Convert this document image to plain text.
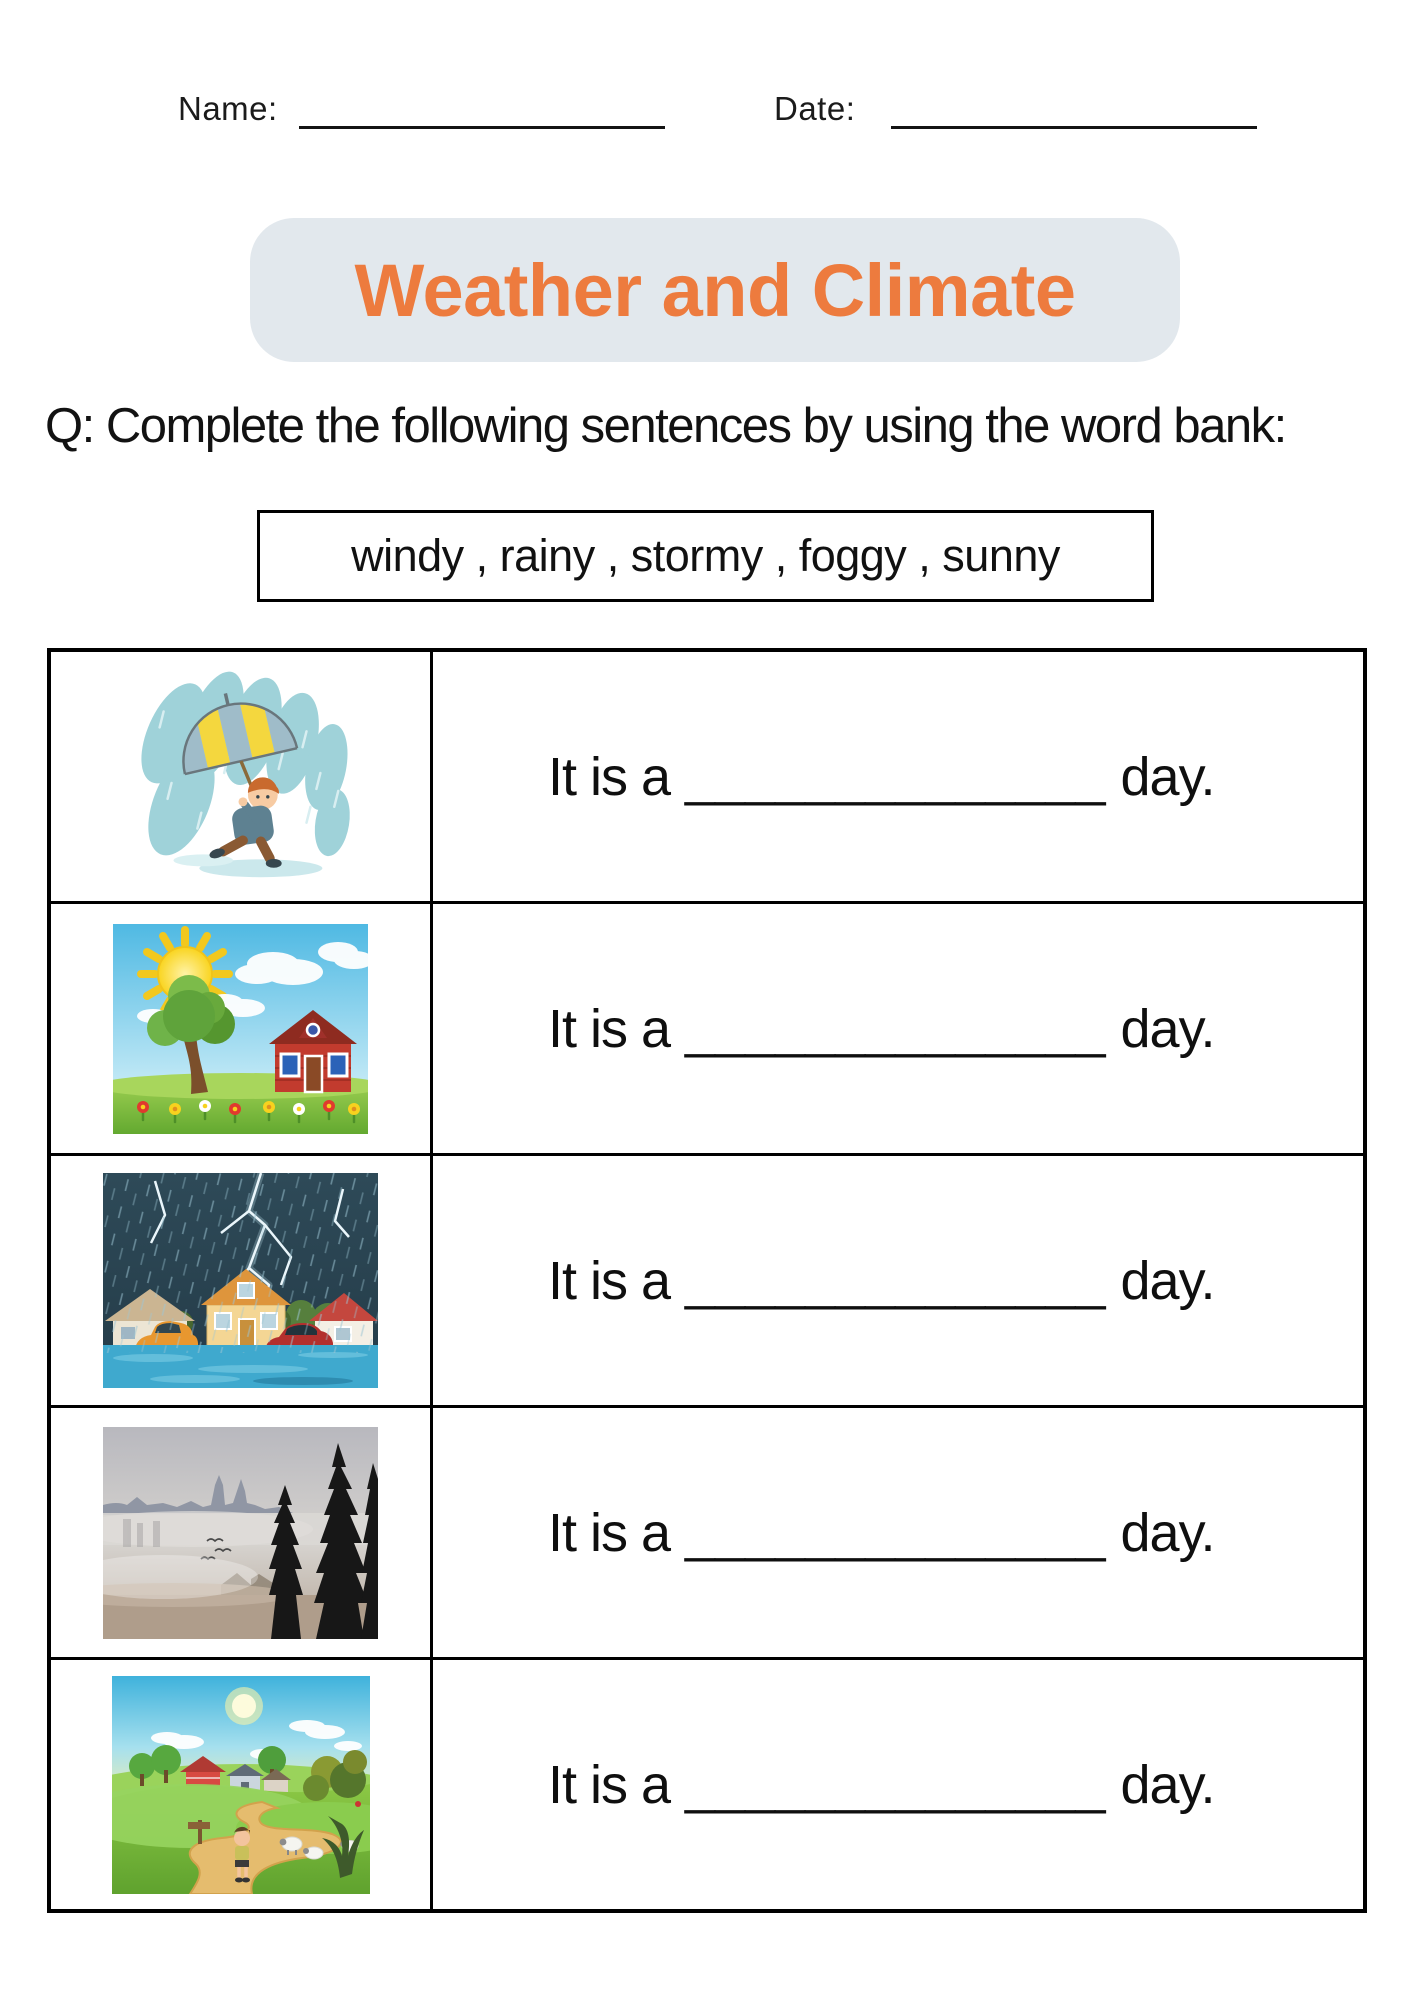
Name:	Date:
Weather and Climate
Q: Complete the following sentences by using the word bank:
windy , rainy , stormy , foggy , sunny

It is a ______________ day.

It is a ______________ day.

It is a ______________ day.

It is a ______________ day.

It is a ______________ day.
